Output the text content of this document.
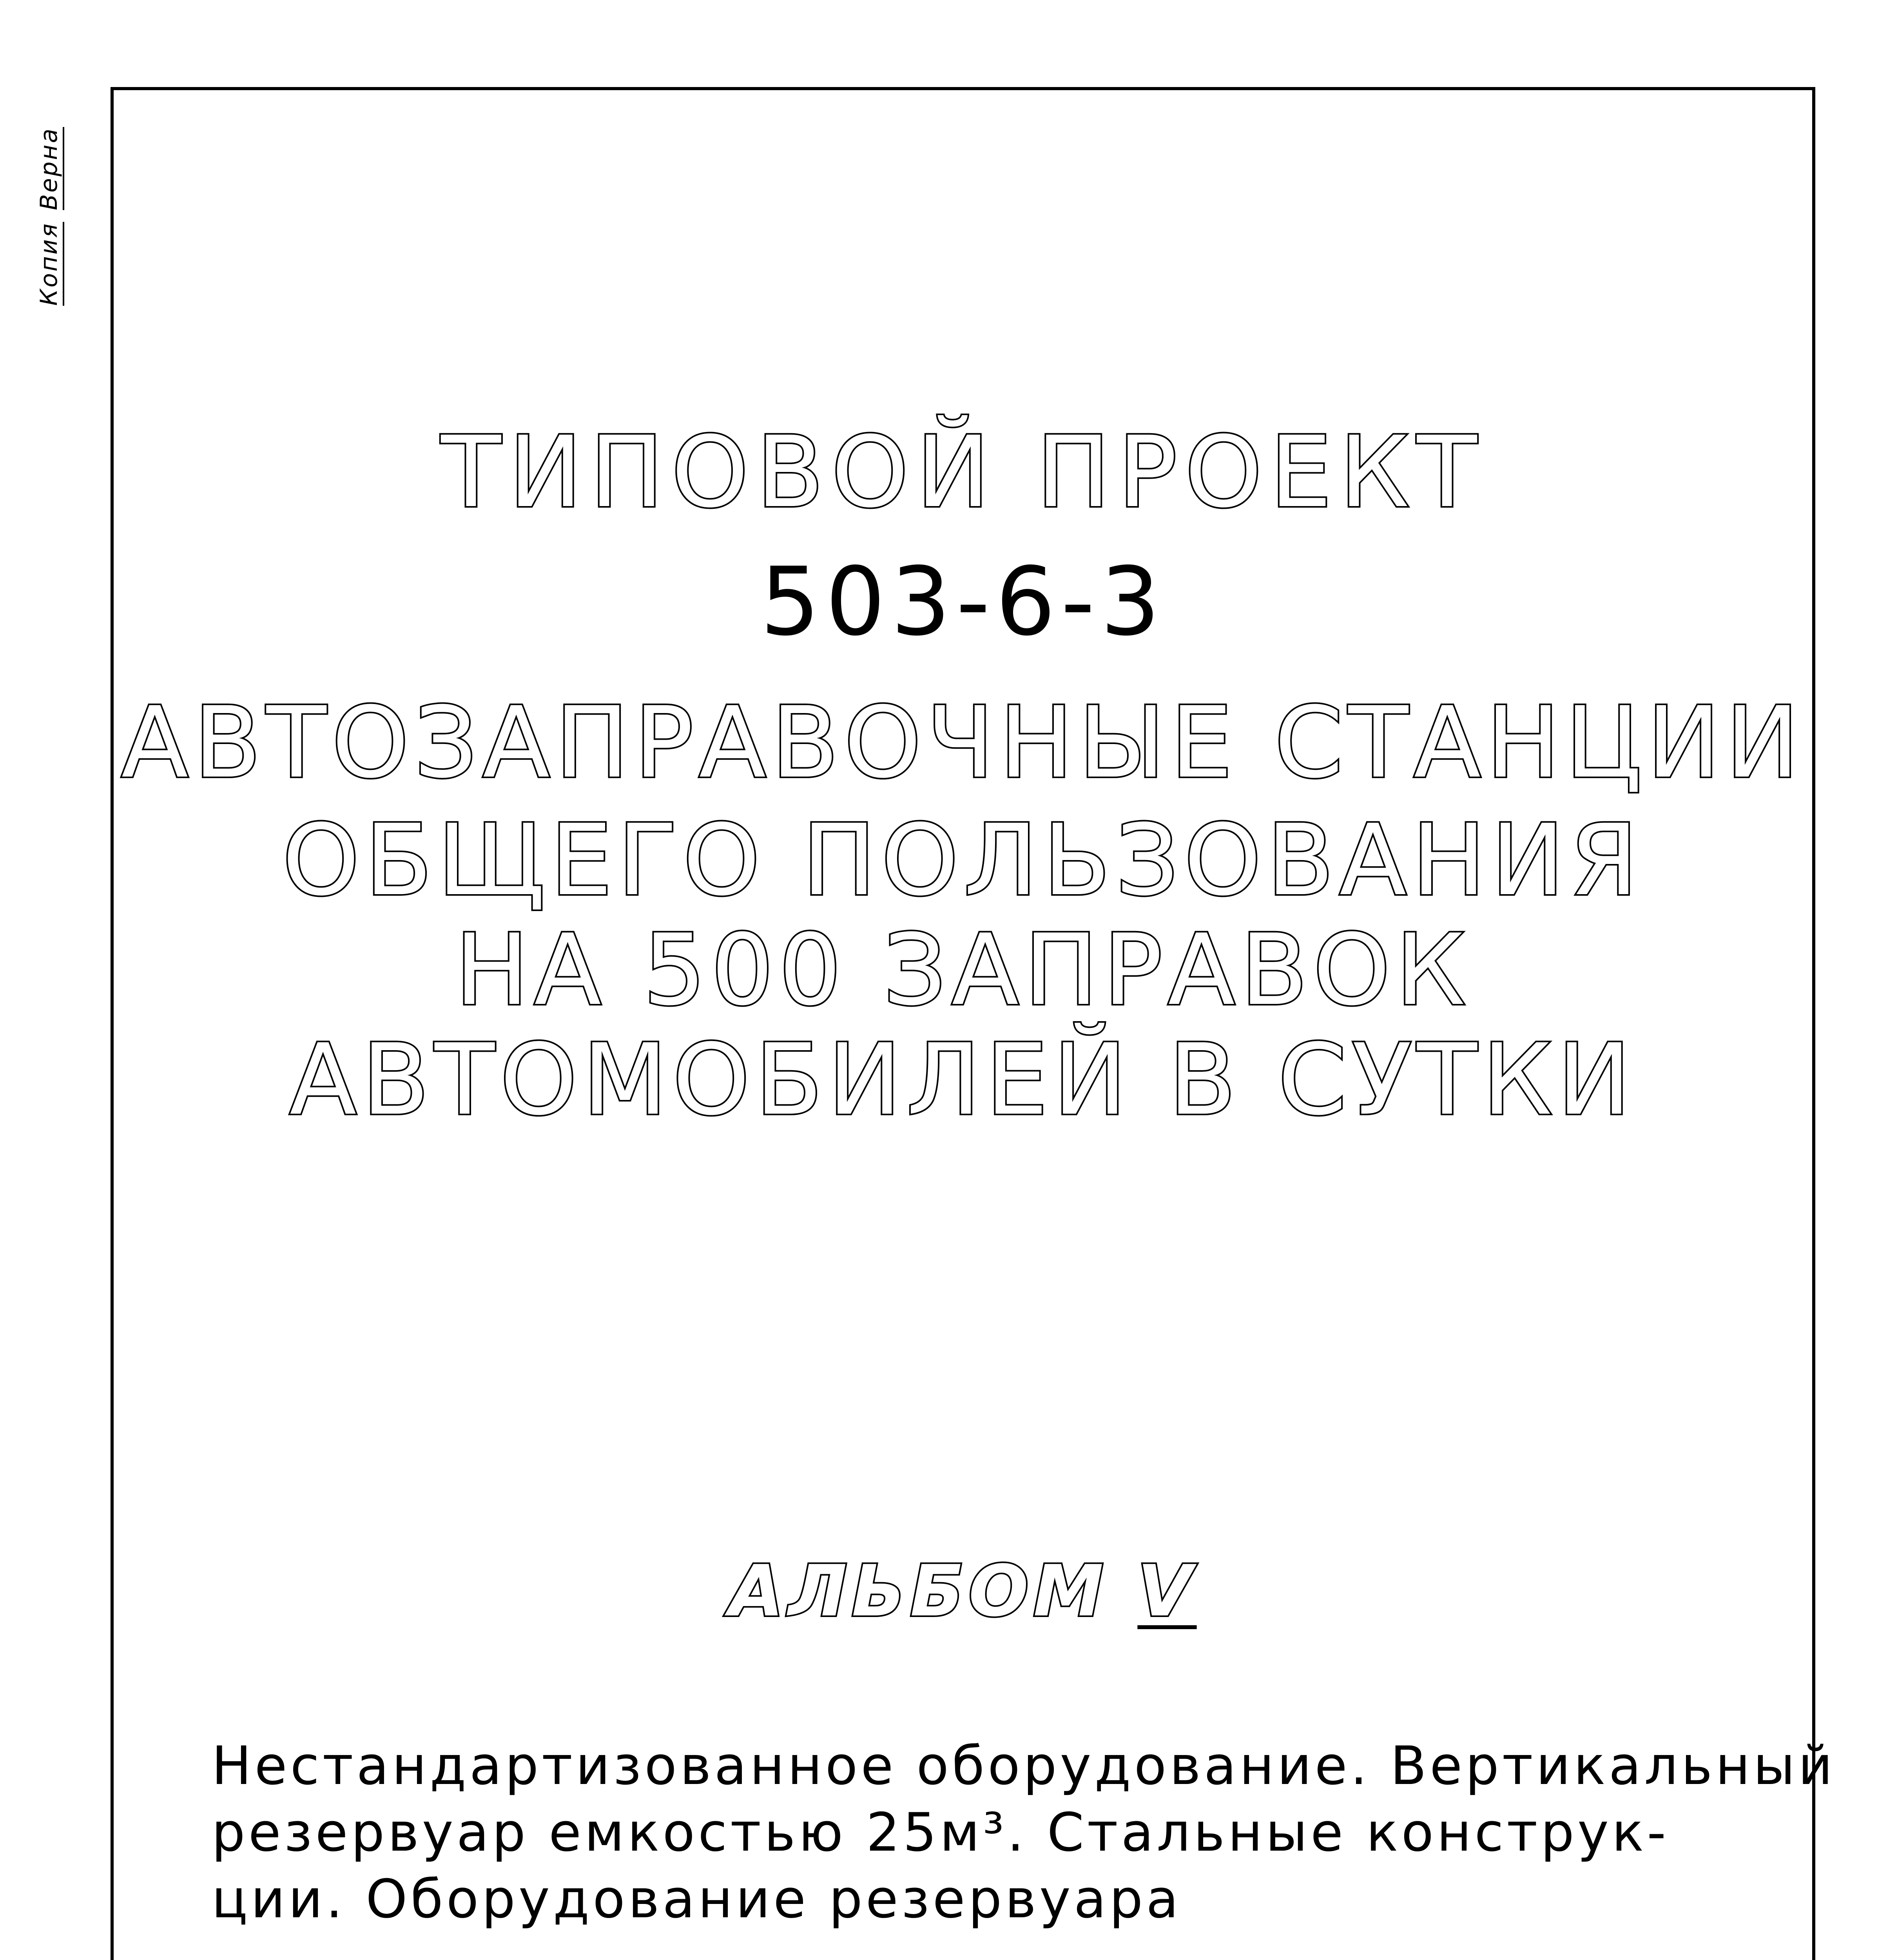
КопияВерна
ТИПОВОЙ ПРОЕКТ
503-6-3
АВТОЗАПРАВОЧНЫЕ СТАНЦИИ
ОБЩЕГО ПОЛЬЗОВАНИЯ
НА 500 ЗАПРАВОК
АВТОМОБИЛЕЙ В СУТКИ
АЛЬБОМ V

Нестандартизованное оборудование. Вертикальный
резервуар емкостью 25м³. Стальные конструк-
ции. Оборудование резервуара
